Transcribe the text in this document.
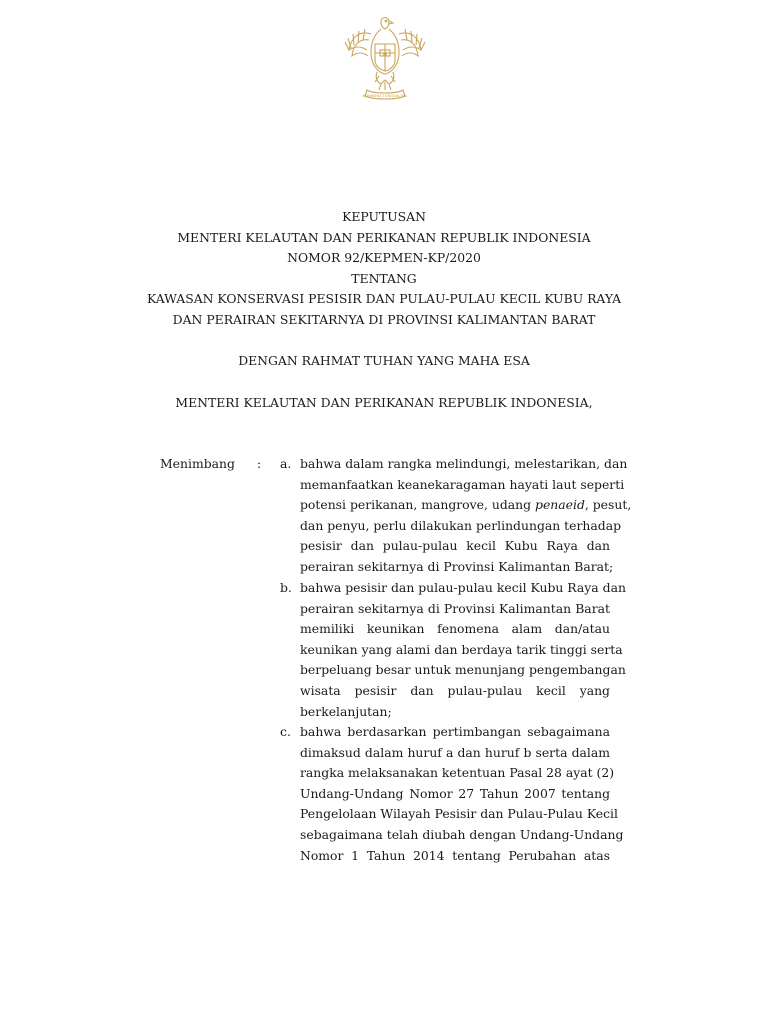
BHINNEKA TUNGGAL IKA
KEPUTUSAN
MENTERI KELAUTAN DAN PERIKANAN REPUBLIK INDONESIA
NOMOR 92/KEPMEN-KP/2020
TENTANG
KAWASAN KONSERVASI PESISIR DAN PULAU-PULAU KECIL KUBU RAYA
DAN PERAIRAN SEKITARNYA DI PROVINSI KALIMANTAN BARAT
DENGAN RAHMAT TUHAN YANG MAHA ESA
MENTERI KELAUTAN DAN PERIKANAN REPUBLIK INDONESIA,
Menimbang : a. bahwa dalam rangka melindungi, melestarikan, dan
memanfaatkan keanekaragaman hayati laut seperti
potensi perikanan, mangrove, udang penaeid, pesut,
dan penyu, perlu dilakukan perlindungan terhadap
pesisir dan pulau-pulau kecil Kubu Raya dan
perairan sekitarnya di Provinsi Kalimantan Barat;
b. bahwa pesisir dan pulau-pulau kecil Kubu Raya dan
perairan sekitarnya di Provinsi Kalimantan Barat
memiliki keunikan fenomena alam dan/atau
keunikan yang alami dan berdaya tarik tinggi serta
berpeluang besar untuk menunjang pengembangan
wisata pesisir dan pulau-pulau kecil yang
berkelanjutan;
c. bahwa berdasarkan pertimbangan sebagaimana
dimaksud dalam huruf a dan huruf b serta dalam
rangka melaksanakan ketentuan Pasal 28 ayat (2)
Undang-Undang Nomor 27 Tahun 2007 tentang
Pengelolaan Wilayah Pesisir dan Pulau-Pulau Kecil
sebagaimana telah diubah dengan Undang-Undang
Nomor 1 Tahun 2014 tentang Perubahan atas
